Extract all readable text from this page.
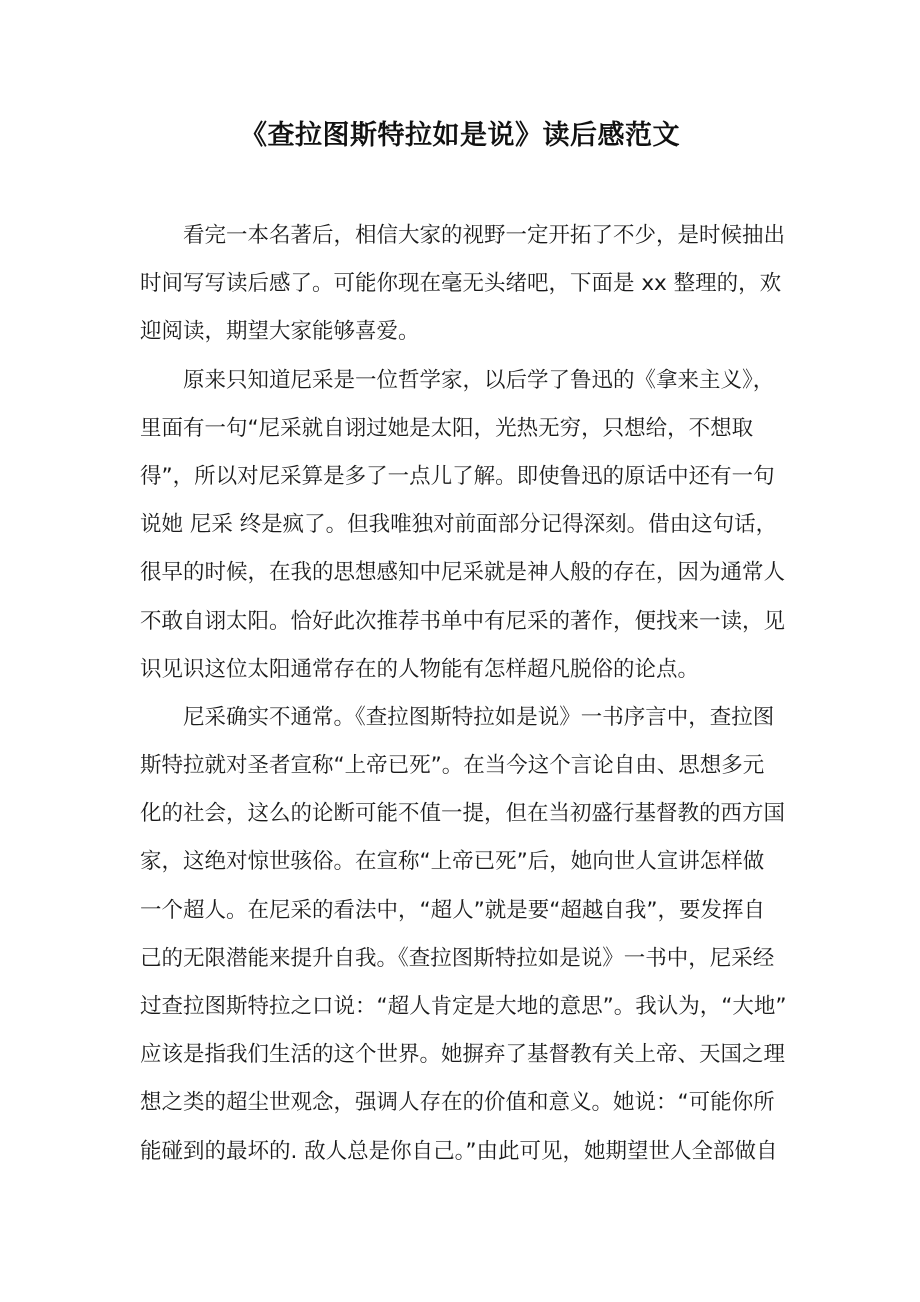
《查拉图斯特拉如是说》读后感范文
看完一本名著后，相信大家的视野一定开拓了不少，是时候抽出
时间写写读后感了。可能你现在毫无头绪吧，下面是 xx 整理的，欢
迎阅读，期望大家能够喜爱。
原来只知道尼采是一位哲学家，以后学了鲁迅的《拿来主义》，
里面有一句“尼采就自诩过她是太阳，光热无穷，只想给，不想取
得”，所以对尼采算是多了一点儿了解。即使鲁迅的原话中还有一句
说她 尼采 终是疯了。但我唯独对前面部分记得深刻。借由这句话，
很早的时候，在我的思想感知中尼采就是神人般的存在，因为通常人
不敢自诩太阳。恰好此次推荐书单中有尼采的著作，便找来一读，见
识见识这位太阳通常存在的人物能有怎样超凡脱俗的论点。
尼采确实不通常。《查拉图斯特拉如是说》一书序言中，查拉图
斯特拉就对圣者宣称“上帝已死”。在当今这个言论自由、思想多元
化的社会，这么的论断可能不值一提，但在当初盛行基督教的西方国
家，这绝对惊世骇俗。在宣称“上帝已死”后，她向世人宣讲怎样做
一个超人。在尼采的看法中，“超人”就是要“超越自我”，要发挥自
己的无限潜能来提升自我。《查拉图斯特拉如是说》一书中，尼采经
过查拉图斯特拉之口说：“超人肯定是大地的意思”。我认为，“大地”
应该是指我们生活的这个世界。她摒弃了基督教有关上帝、天国之理
想之类的超尘世观念，强调人存在的价值和意义。她说：“可能你所
能碰到的最坏的. 敌人总是你自己。”由此可见，她期望世人全部做自
